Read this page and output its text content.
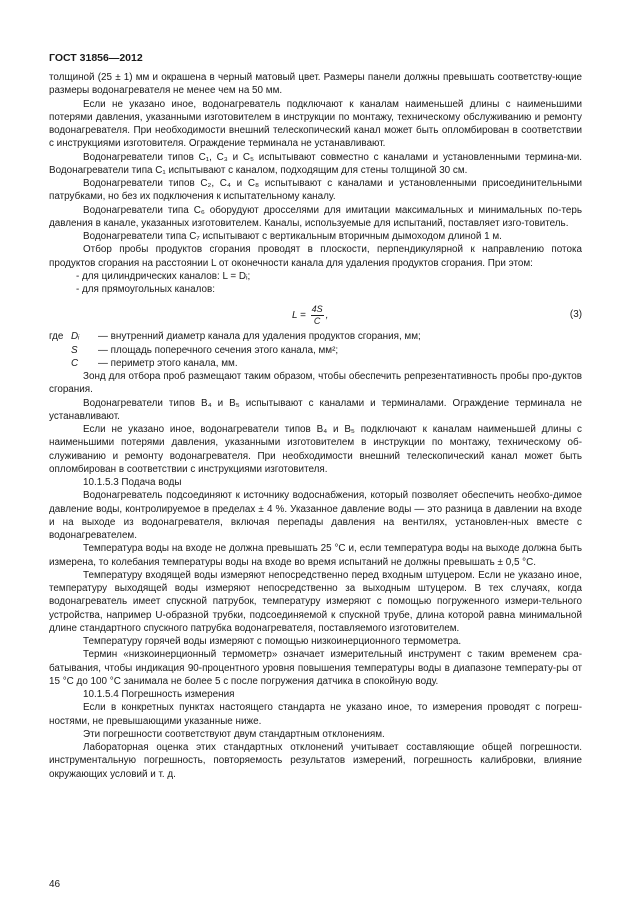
ГОСТ 31856—2012

толщиной (25 ± 1) мм и окрашена в черный матовый цвет. Размеры панели должны превышать соответству-ющие размеры водонагревателя не менее чем на 50 мм.

Если не указано иное, водонагреватель подключают к каналам наименьшей длины с наименьшими потерями давления, указанными изготовителем в инструкции по монтажу, техническому обслуживанию и ремонту водонагревателя. При необходимости внешний телескопический канал может быть опломбирован в соответствии с инструкциями изготовителя. Ограждение терминала не устанавливают.

Водонагреватели типов С₁, С₃ и С₅ испытывают совместно с каналами и установленными термина-ми. Водонагреватели типа С₁ испытывают с каналом, подходящим для стены толщиной 30 см.

Водонагреватели типов С₂, С₄ и С₈ испытывают с каналами и установленными присоединительными патрубками, но без их подключения к испытательному каналу.

Водонагреватели типа С₆ оборудуют дросселями для имитации максимальных и минимальных по-терь давления в канале, указанных изготовителем. Каналы, используемые для испытаний, поставляет изго-товитель.

Водонагреватели типа С₇ испытывают с вертикальным вторичным дымоходом длиной 1 м.

Отбор пробы продуктов сгорания проводят в плоскости, перпендикулярной к направлению потока продуктов сгорания на расстоянии L от оконечности канала для удаления продуктов сгорания. При этом:

- для цилиндрических каналов: L = Dᵢ;

- для прямоугольных каналов:

$L = \frac{4S}{C}$ ,	(3)
где Dᵢ	— внутренний диаметр канала для удаления продуктов сгорания, мм;
S	— площадь поперечного сечения этого канала, мм²;
C	— периметр этого канала, мм.

Зонд для отбора проб размещают таким образом, чтобы обеспечить репрезентативность пробы про-дуктов сгорания.

Водонагреватели типов В₄ и В₅ испытывают с каналами и терминалами. Ограждение терминала не устанавливают.

Если не указано иное, водонагреватели типов В₄ и В₅ подключают к каналам наименьшей длины с наименьшими потерями давления, указанными изготовителем в инструкции по монтажу, техническому об-служиванию и ремонту водонагревателя. При необходимости внешний телескопический канал может быть опломбирован в соответствии с инструкциями изготовителя.

10.1.5.3 Подача воды

Водонагреватель подсоединяют к источнику водоснабжения, который позволяет обеспечить необхо-димое давление воды, контролируемое в пределах ± 4 %. Указанное давление воды — это разница в давлении на входе и на выходе из водонагревателя, включая перепады давления на вентилях, установлен-ных вместе с водонагревателем.

Температура воды на входе не должна превышать 25 °С и, если температура воды на выходе должна быть измерена, то колебания температуры воды на входе во время испытаний не должны превышать ± 0,5 °С.

Температуру входящей воды измеряют непосредственно перед входным штуцером. Если не указано иное, температуру выходящей воды измеряют непосредственно за выходным штуцером. В тех случаях, когда водонагреватель имеет спускной патрубок, температуру измеряют с помощью погруженного измери-тельного устройства, например U-образной трубки, подсоединяемой к спускной трубе, длина которой равна минимальной длине стандартного спускного патрубка водонагревателя, поставляемого изготовителем.

Температуру горячей воды измеряют с помощью низкоинерционного термометра.

Термин «низкоинерционный термометр» означает измерительный инструмент с таким временем сра-батывания, чтобы индикация 90-процентного уровня повышения температуры воды в диапазоне температу-ры от 15 °С до 100 °С занимала не более 5 с после погружения датчика в спокойную воду.

10.1.5.4 Погрешность измерения

Если в конкретных пунктах настоящего стандарта не указано иное, то измерения проводят с погреш-ностями, не превышающими указанные ниже.

Эти погрешности соответствуют двум стандартным отклонениям.

Лабораторная оценка этих стандартных отклонений учитывает составляющие общей погрешности. инструментальную погрешность, повторяемость результатов измерений, погрешность калибровки, влияние окружающих условий и т. д.

46
